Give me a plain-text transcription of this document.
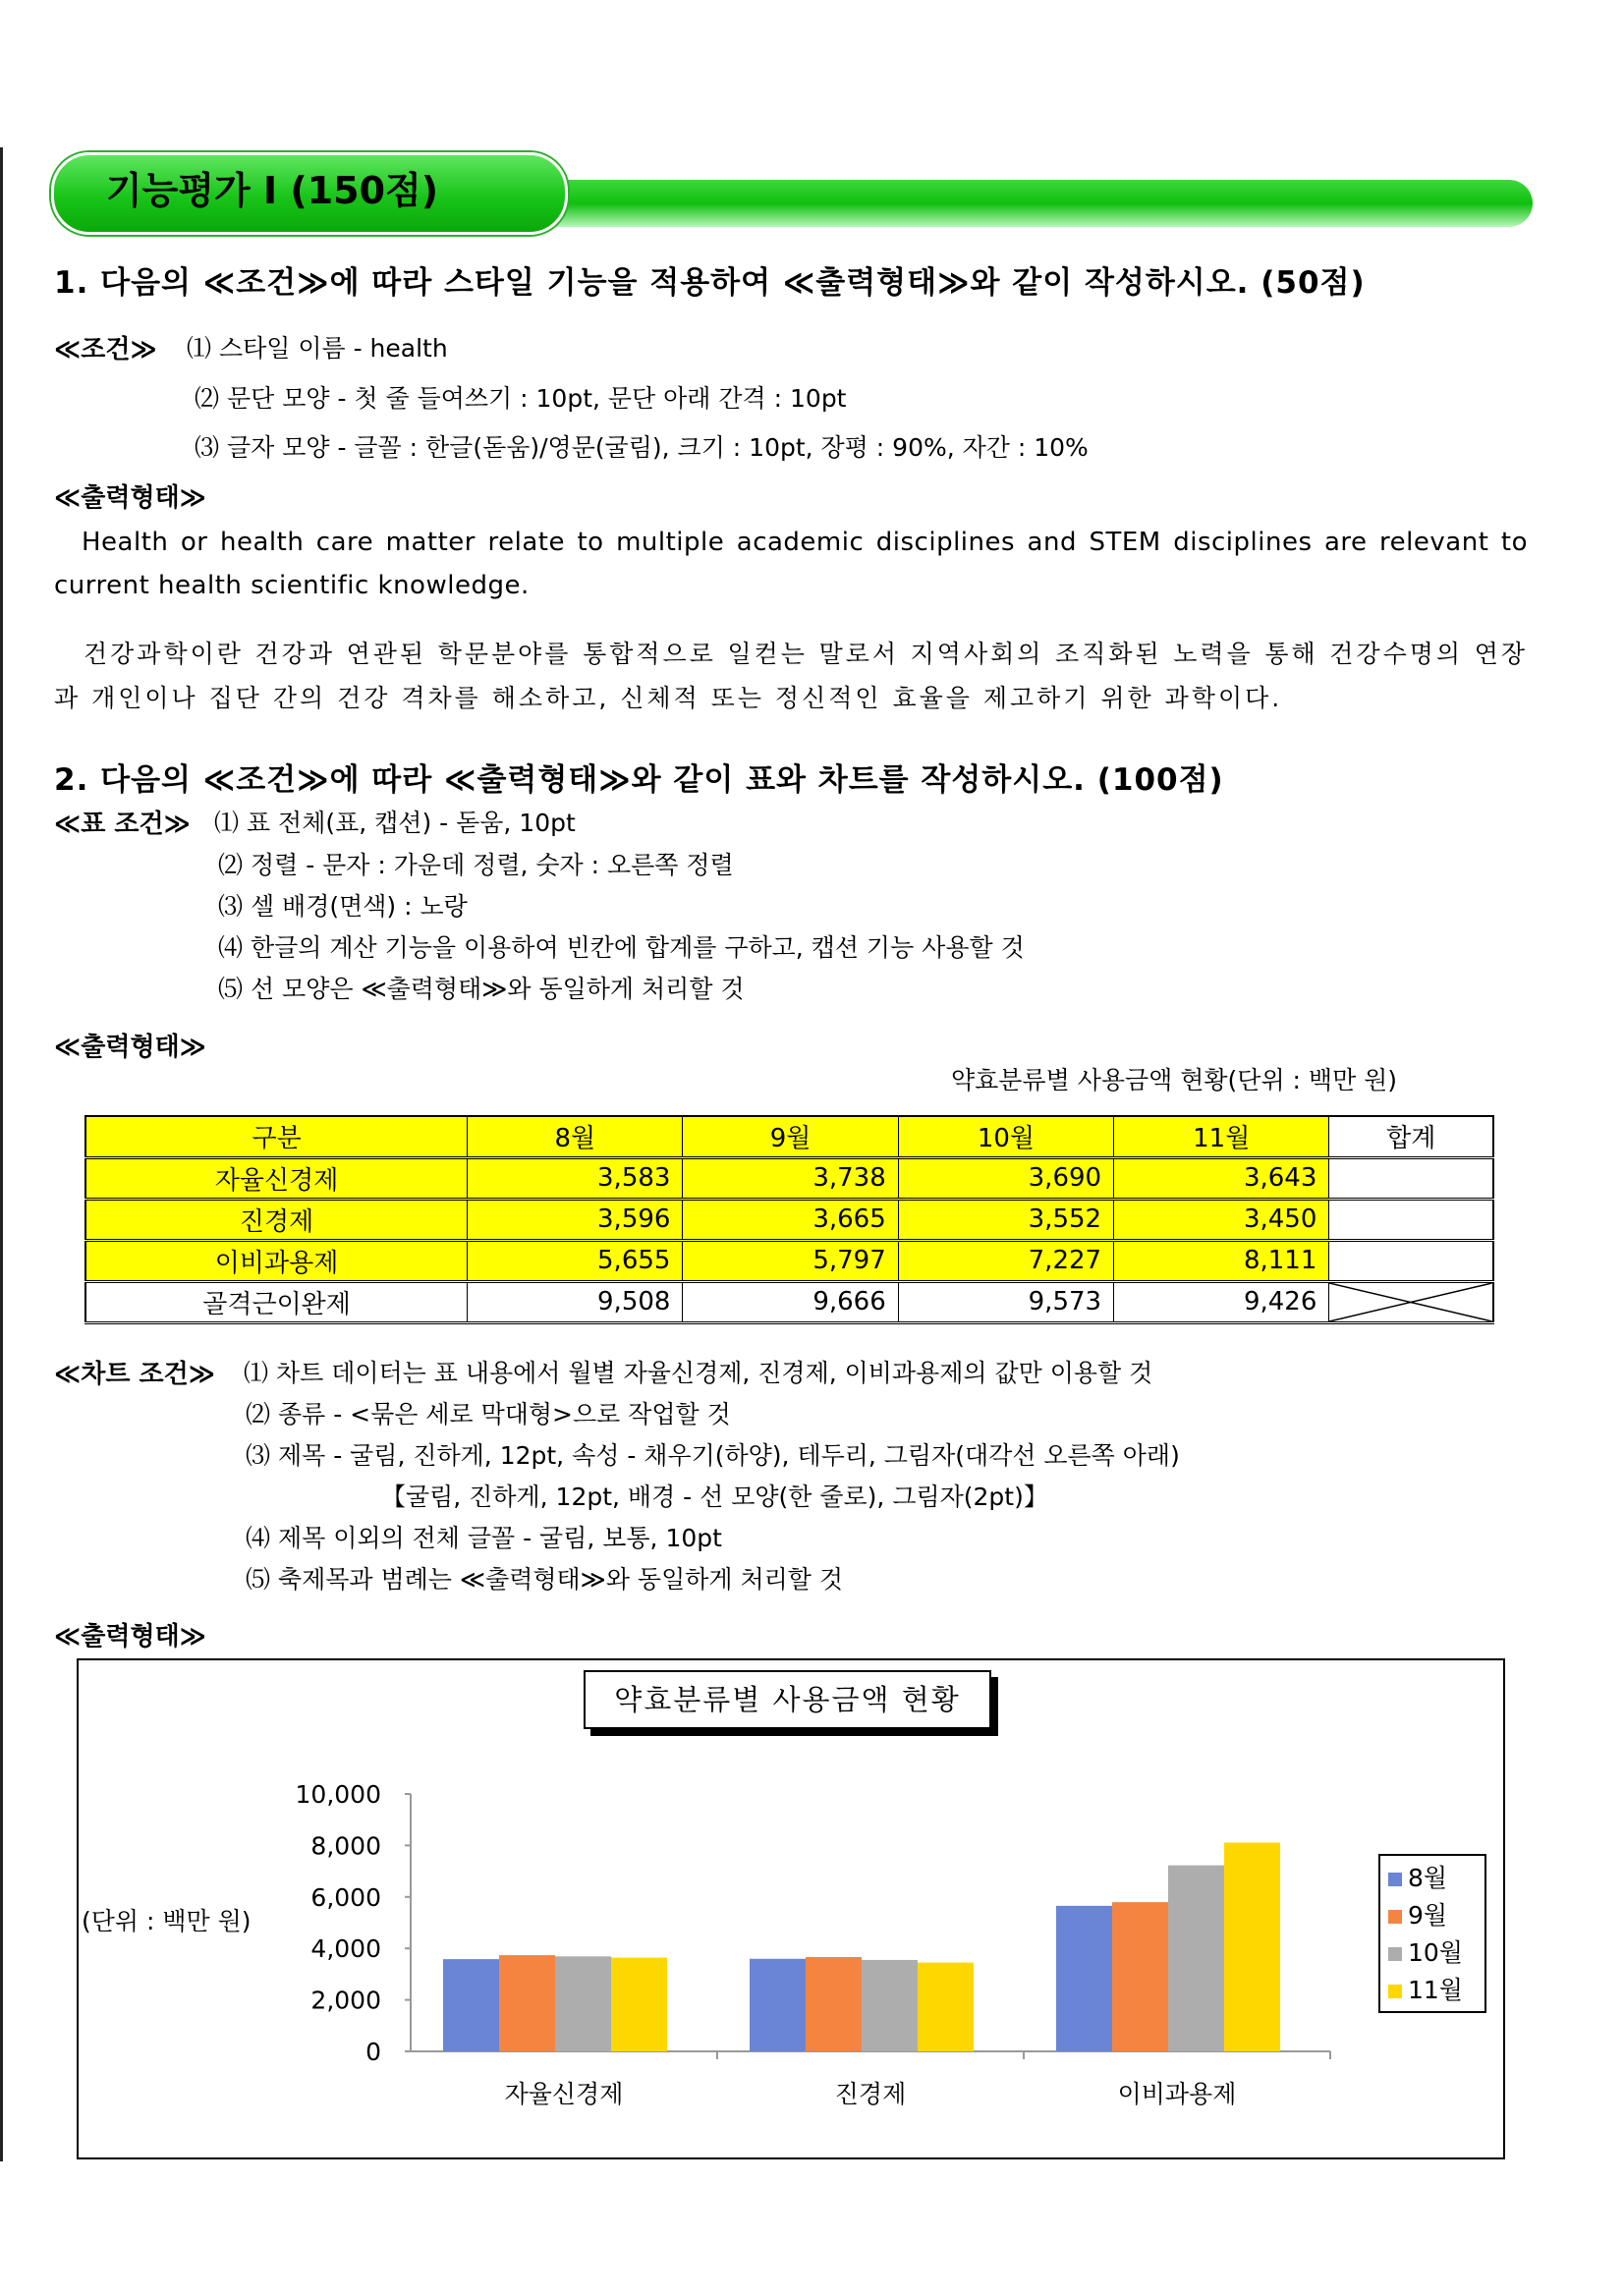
기능평가 Ⅰ (150점)
1. 다음의 ≪조건≫에 따라 스타일 기능을 적용하여 ≪출력형태≫와 같이 작성하시오. (50점)
≪조건≫ ⑴ 스타일 이름 - health
⑵ 문단 모양 - 첫 줄 들여쓰기 : 10pt, 문단 아래 간격 : 10pt
⑶ 글자 모양 - 글꼴 : 한글(돋움)/영문(굴림), 크기 : 10pt, 장평 : 90%, 자간 : 10%
≪출력형태≫
Health or health care matter relate to multiple academic disciplines and STEM disciplines are relevant to current health scientific knowledge.
건강과학이란 건강과 연관된 학문분야를 통합적으로 일컫는 말로서 지역사회의 조직화된 노력을 통해 건강수명의 연장과 개인이나 집단 간의 건강 격차를 해소하고, 신체적 또는 정신적인 효율을 제고하기 위한 과학이다.
2. 다음의 ≪조건≫에 따라 ≪출력형태≫와 같이 표와 차트를 작성하시오. (100점)
≪표 조건≫ ⑴ 표 전체(표, 캡션) - 돋움, 10pt
⑵ 정렬 - 문자 : 가운데 정렬, 숫자 : 오른쪽 정렬
⑶ 셀 배경(면색) : 노랑
⑷ 한글의 계산 기능을 이용하여 빈칸에 합계를 구하고, 캡션 기능 사용할 것
⑸ 선 모양은 ≪출력형태≫와 동일하게 처리할 것
≪출력형태≫
약효분류별 사용금액 현황(단위 : 백만 원)
구분	8월	9월	10월	11월	합계
자율신경제	3,583	3,738	3,690	3,643	
진경제	3,596	3,665	3,552	3,450	
이비과용제	5,655	5,797	7,227	8,111	
골격근이완제	9,508	9,666	9,573	9,426	
≪차트 조건≫ ⑴ 차트 데이터는 표 내용에서 월별 자율신경제, 진경제, 이비과용제의 값만 이용할 것
⑵ 종류 - <묶은 세로 막대형>으로 작업할 것
⑶ 제목 - 굴림, 진하게, 12pt, 속성 - 채우기(하양), 테두리, 그림자(대각선 오른쪽 아래)
【굴림, 진하게, 12pt, 배경 - 선 모양(한 줄로), 그림자(2pt)】
⑷ 제목 이외의 전체 글꼴 - 굴림, 보통, 10pt
⑸ 축제목과 범례는 ≪출력형태≫와 동일하게 처리할 것
≪출력형태≫
0
2,000
4,000
6,000
8,000
10,000
자율신경제	진경제	이비과용제
약효분류별 사용금액 현황
(단위 : 백만 원)
8월
9월
10월
11월
